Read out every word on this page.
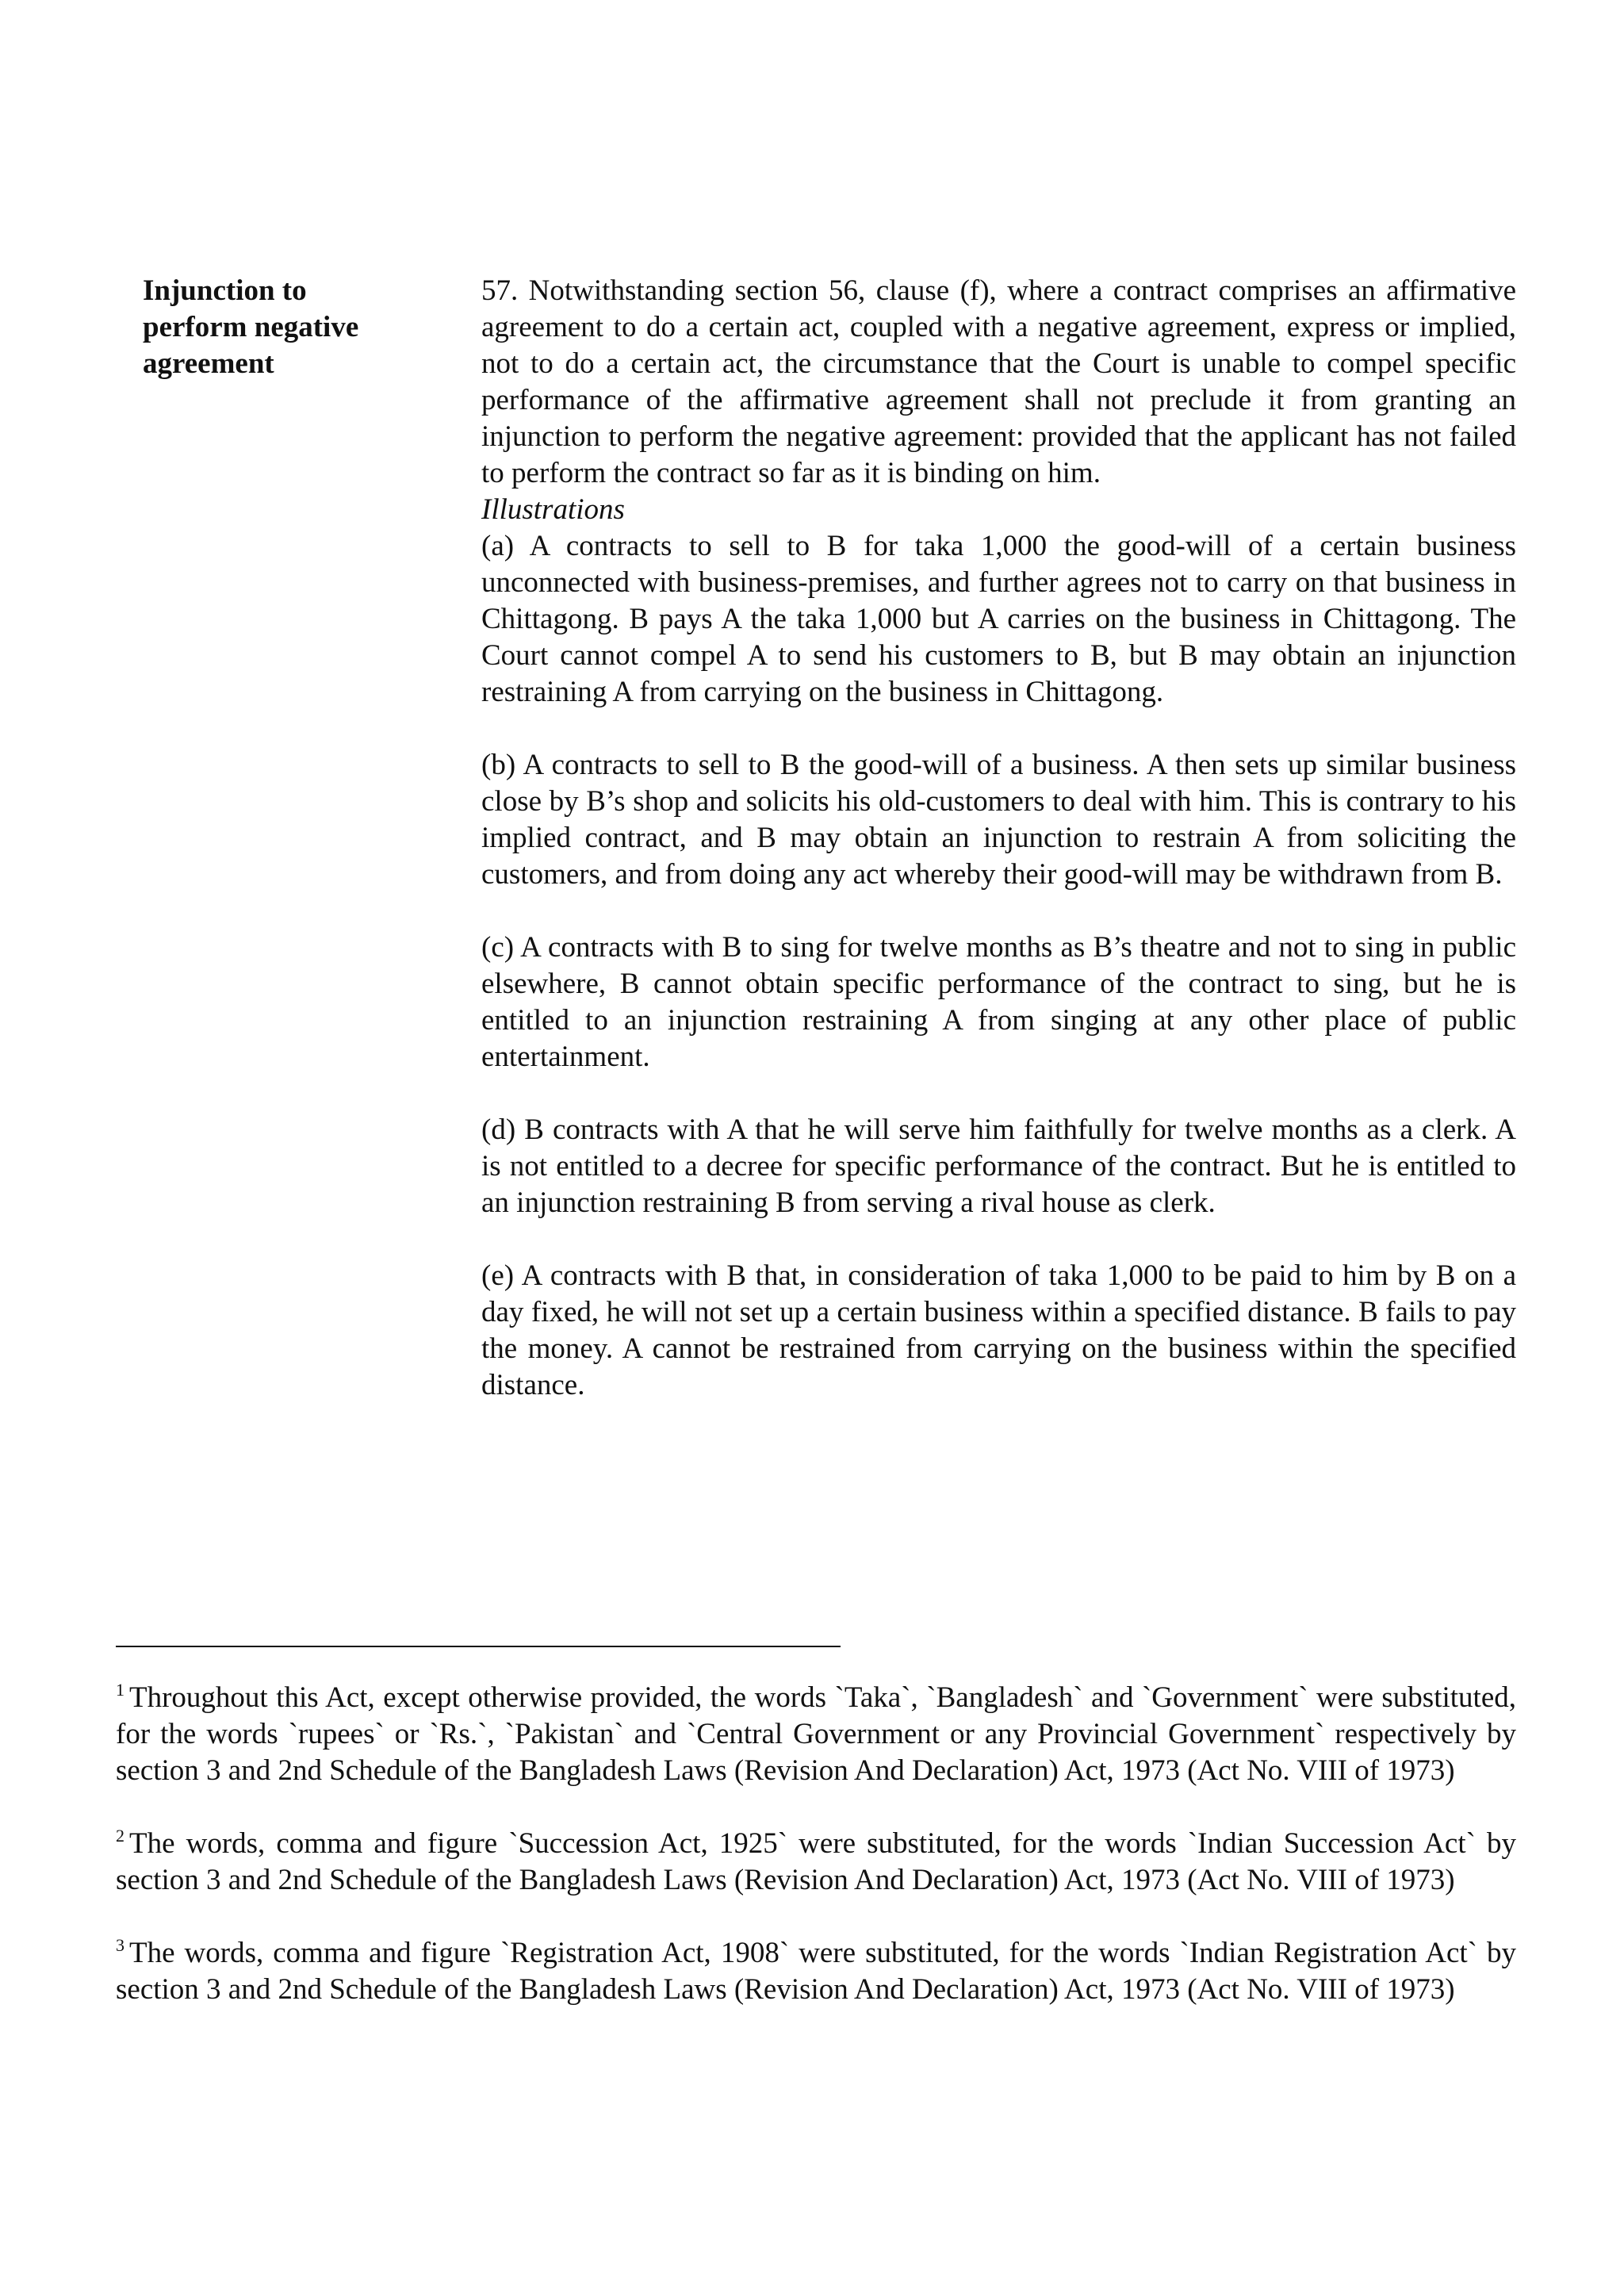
Injunction to
perform negative
agreement

57. Notwithstanding section 56, clause (f), where a contract comprises an affirmative agreement to do a certain act, coupled with a negative agreement, express or implied, not to do a certain act, the circumstance that the Court is unable to compel specific performance of the affirmative agreement shall not preclude it from granting an injunction to perform the negative agreement: provided that the applicant has not failed to perform the contract so far as it is binding on him.

Illustrations

(a) A contracts to sell to B for taka 1,000 the good-will of a certain business unconnected with business-premises, and further agrees not to carry on that business in Chittagong. B pays A the taka 1,000 but A carries on the business in Chittagong. The Court cannot compel A to send his customers to B, but B may obtain an injunction restraining A from carrying on the business in Chittagong.

(b) A contracts to sell to B the good-will of a business. A then sets up similar business close by B’s shop and solicits his old-customers to deal with him. This is contrary to his implied contract, and B may obtain an injunction to restrain A from soliciting the customers, and from doing any act whereby their good-will may be withdrawn from B.

(c) A contracts with B to sing for twelve months as B’s theatre and not to sing in public elsewhere, B cannot obtain specific performance of the contract to sing, but he is entitled to an injunction restraining A from singing at any other place of public entertainment.

(d) B contracts with A that he will serve him faithfully for twelve months as a clerk. A is not entitled to a decree for specific performance of the contract. But he is entitled to an injunction restraining B from serving a rival house as clerk.

(e) A contracts with B that, in consideration of taka 1,000 to be paid to him by B on a day fixed, he will not set up a certain business within a specified distance. B fails to pay the money. A cannot be restrained from carrying on the business within the specified distance.

$^1$ Throughout this Act, except otherwise provided, the words `Taka`, `Bangladesh` and `Government` were substituted, for the words `rupees` or `Rs.`, `Pakistan` and `Central Government or any Provincial Government` respectively by section 3 and 2nd Schedule of the Bangladesh Laws (Revision And Declaration) Act, 1973 (Act No. VIII of 1973)

$^2$ The words, comma and figure `Succession Act, 1925` were substituted, for the words `Indian Succession Act` by section 3 and 2nd Schedule of the Bangladesh Laws (Revision And Declaration) Act, 1973 (Act No. VIII of 1973)

$^3$ The words, comma and figure `Registration Act, 1908` were substituted, for the words `Indian Registration Act` by section 3 and 2nd Schedule of the Bangladesh Laws (Revision And Declaration) Act, 1973 (Act No. VIII of 1973)
